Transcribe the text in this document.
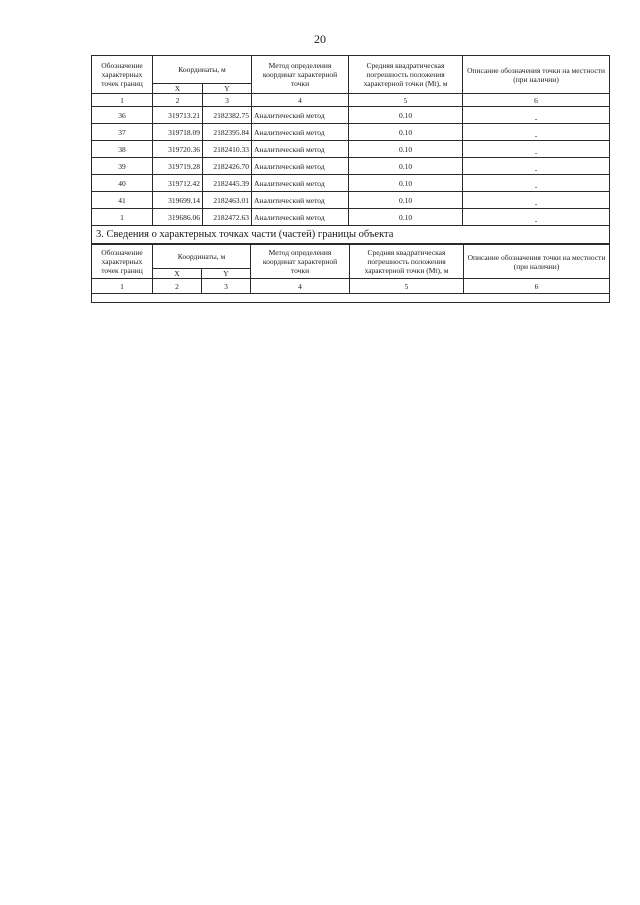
20
Обозначение характерных точек границ	Координаты, м		Метод определения координат характерной точки	Средняя квадратическая погрешность положения характерной точки (Mt), м	Описание обозначения точки на местности (при наличии)
	X	Y			
1	2	3	4	5	6
36	319713.21	2182382.75	Аналитический метод	0.10	-
37	319718.09	2182395.84	Аналитический метод	0.10	-
38	319720.36	2182410.33	Аналитический метод	0.10	-
39	319719.28	2182426.70	Аналитический метод	0.10	-
40	319712.42	2182445.39	Аналитический метод	0.10	-
41	319699.14	2182463.01	Аналитический метод	0.10	-
1	319686.06	2182472.63	Аналитический метод	0.10	-
3. Сведения о характерных точках части (частей) границы объекта					
Обозначение характерных точек границ	Координаты, м		Метод определения координат характерной точки	Средняя квадратическая погрешность положения характерной точки (Mt), м	Описание обозначения точки на местности (при наличии)
	X	Y			
1	2	3	4	5	6
